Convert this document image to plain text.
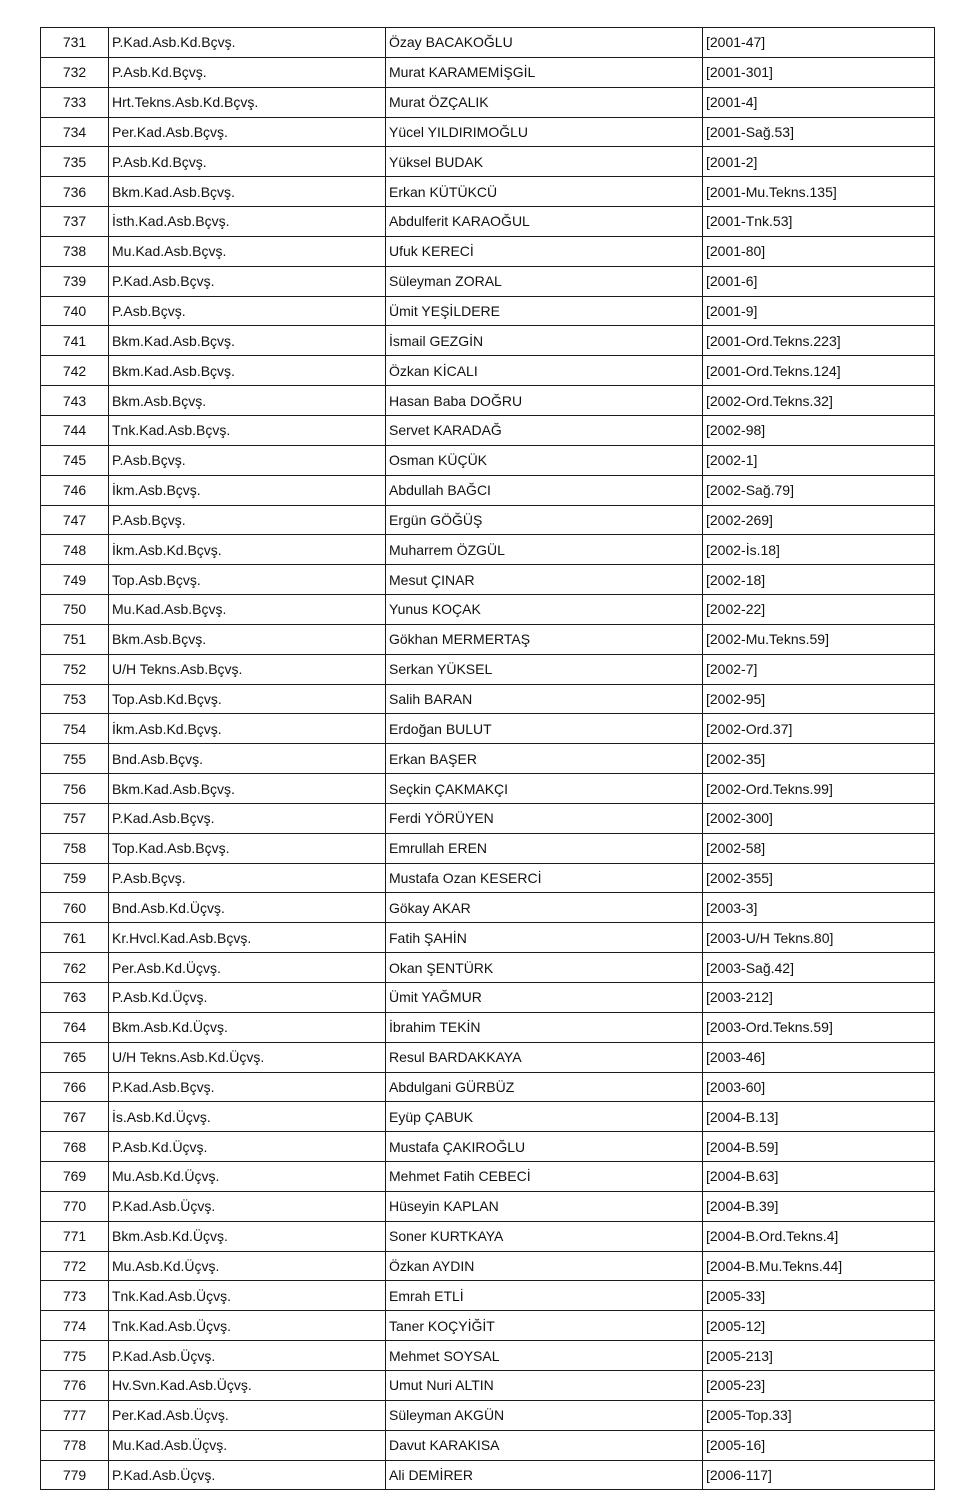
731	P.Kad.Asb.Kd.Bçvş.	Özay BACAKOĞLU	[2001-47]
732	P.Asb.Kd.Bçvş.	Murat KARAMEMİŞGİL	[2001-301]
733	Hrt.Tekns.Asb.Kd.Bçvş.	Murat ÖZÇALIK	[2001-4]
734	Per.Kad.Asb.Bçvş.	Yücel YILDIRIMOĞLU	[2001-Sağ.53]
735	P.Asb.Kd.Bçvş.	Yüksel BUDAK	[2001-2]
736	Bkm.Kad.Asb.Bçvş.	Erkan KÜTÜKCÜ	[2001-Mu.Tekns.135]
737	İsth.Kad.Asb.Bçvş.	Abdulferit KARAOĞUL	[2001-Tnk.53]
738	Mu.Kad.Asb.Bçvş.	Ufuk KERECİ	[2001-80]
739	P.Kad.Asb.Bçvş.	Süleyman ZORAL	[2001-6]
740	P.Asb.Bçvş.	Ümit YEŞİLDERE	[2001-9]
741	Bkm.Kad.Asb.Bçvş.	İsmail GEZGİN	[2001-Ord.Tekns.223]
742	Bkm.Kad.Asb.Bçvş.	Özkan KİCALI	[2001-Ord.Tekns.124]
743	Bkm.Asb.Bçvş.	Hasan Baba DOĞRU	[2002-Ord.Tekns.32]
744	Tnk.Kad.Asb.Bçvş.	Servet KARADAĞ	[2002-98]
745	P.Asb.Bçvş.	Osman KÜÇÜK	[2002-1]
746	İkm.Asb.Bçvş.	Abdullah BAĞCI	[2002-Sağ.79]
747	P.Asb.Bçvş.	Ergün GÖĞÜŞ	[2002-269]
748	İkm.Asb.Kd.Bçvş.	Muharrem ÖZGÜL	[2002-İs.18]
749	Top.Asb.Bçvş.	Mesut ÇINAR	[2002-18]
750	Mu.Kad.Asb.Bçvş.	Yunus KOÇAK	[2002-22]
751	Bkm.Asb.Bçvş.	Gökhan MERMERTAŞ	[2002-Mu.Tekns.59]
752	U/H Tekns.Asb.Bçvş.	Serkan YÜKSEL	[2002-7]
753	Top.Asb.Kd.Bçvş.	Salih BARAN	[2002-95]
754	İkm.Asb.Kd.Bçvş.	Erdoğan BULUT	[2002-Ord.37]
755	Bnd.Asb.Bçvş.	Erkan BAŞER	[2002-35]
756	Bkm.Kad.Asb.Bçvş.	Seçkin ÇAKMAKÇI	[2002-Ord.Tekns.99]
757	P.Kad.Asb.Bçvş.	Ferdi YÖRÜYEN	[2002-300]
758	Top.Kad.Asb.Bçvş.	Emrullah EREN	[2002-58]
759	P.Asb.Bçvş.	Mustafa Ozan KESERCİ	[2002-355]
760	Bnd.Asb.Kd.Üçvş.	Gökay AKAR	[2003-3]
761	Kr.Hvcl.Kad.Asb.Bçvş.	Fatih ŞAHİN	[2003-U/H Tekns.80]
762	Per.Asb.Kd.Üçvş.	Okan ŞENTÜRK	[2003-Sağ.42]
763	P.Asb.Kd.Üçvş.	Ümit YAĞMUR	[2003-212]
764	Bkm.Asb.Kd.Üçvş.	İbrahim TEKİN	[2003-Ord.Tekns.59]
765	U/H Tekns.Asb.Kd.Üçvş.	Resul BARDAKKAYA	[2003-46]
766	P.Kad.Asb.Bçvş.	Abdulgani GÜRBÜZ	[2003-60]
767	İs.Asb.Kd.Üçvş.	Eyüp ÇABUK	[2004-B.13]
768	P.Asb.Kd.Üçvş.	Mustafa ÇAKIROĞLU	[2004-B.59]
769	Mu.Asb.Kd.Üçvş.	Mehmet Fatih CEBECİ	[2004-B.63]
770	P.Kad.Asb.Üçvş.	Hüseyin KAPLAN	[2004-B.39]
771	Bkm.Asb.Kd.Üçvş.	Soner KURTKAYA	[2004-B.Ord.Tekns.4]
772	Mu.Asb.Kd.Üçvş.	Özkan AYDIN	[2004-B.Mu.Tekns.44]
773	Tnk.Kad.Asb.Üçvş.	Emrah ETLİ	[2005-33]
774	Tnk.Kad.Asb.Üçvş.	Taner KOÇYİĞİT	[2005-12]
775	P.Kad.Asb.Üçvş.	Mehmet SOYSAL	[2005-213]
776	Hv.Svn.Kad.Asb.Üçvş.	Umut Nuri ALTIN	[2005-23]
777	Per.Kad.Asb.Üçvş.	Süleyman AKGÜN	[2005-Top.33]
778	Mu.Kad.Asb.Üçvş.	Davut KARAKISA	[2005-16]
779	P.Kad.Asb.Üçvş.	Ali DEMİRER	[2006-117]
